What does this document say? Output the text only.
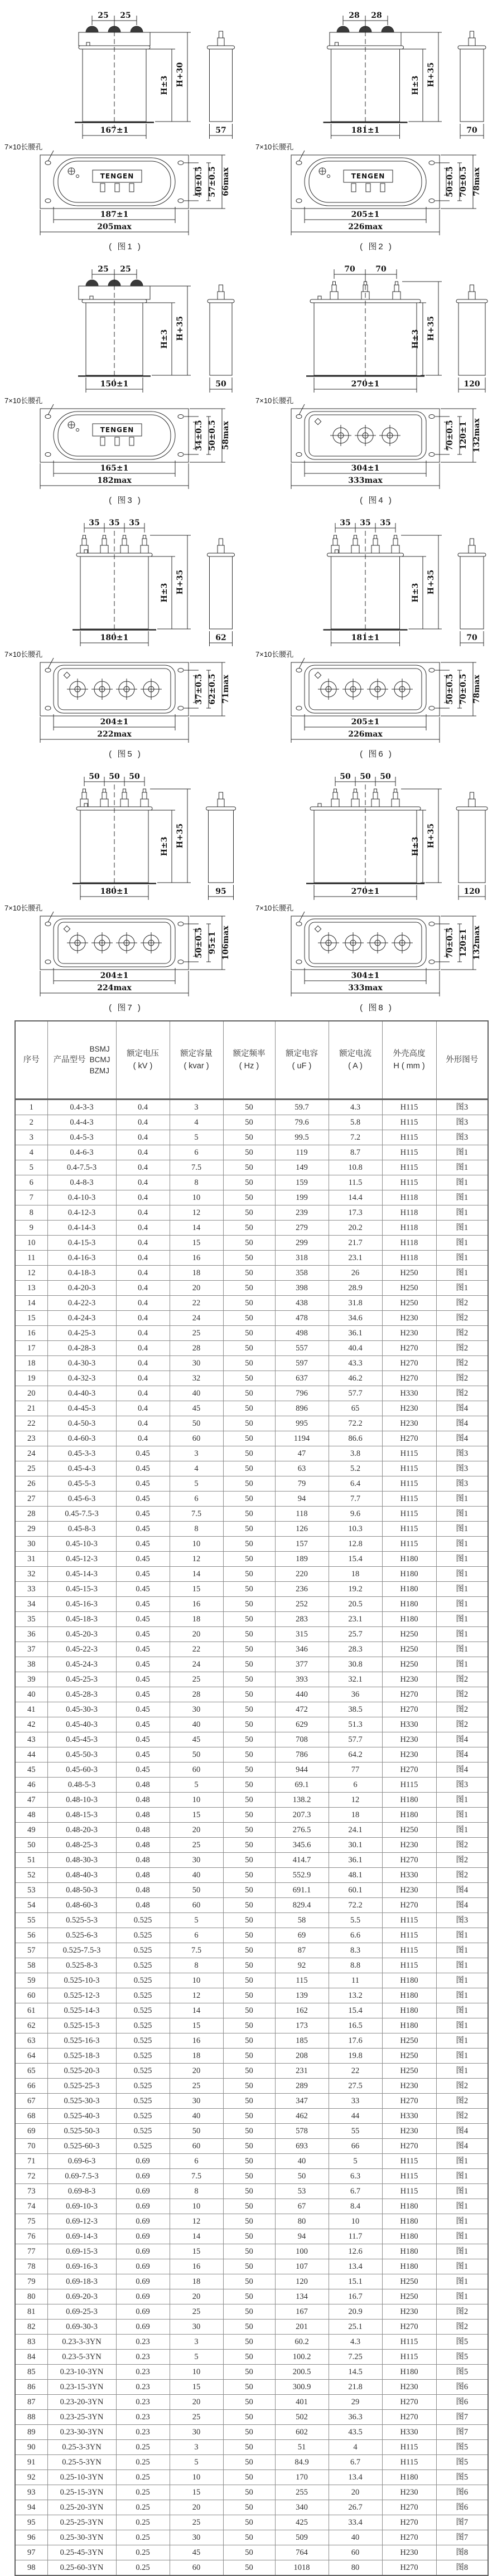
25 25
167±1
H±3 H+30
57
7×10长腰孔
TENGEN
187±1
205max
40±0.5 57±0.5 66max
( 图1 )
28 28
181±1
H±3 H+35
70
7×10长腰孔
TENGEN
205±1
226max
50±0.5 70±0.5 78max
( 图2 )
25 25
150±1
H±3 H+35
50
7×10长腰孔
TENGEN
165±1
182max
34±0.5 50±0.5 58max
( 图3 )
70	70
270±1
H±3 H+35
120
7×10长腰孔
304±1
333max
70±0.5 120±1 132max
( 图4 )
35 35 35
180±1
H±3 H+35
62
7×10长腰孔
204±1
222max
37±0.5 62±0.5 71max
( 图5 )
35 35 35
181±1
H±3 H+35
70
7×10长腰孔
205±1
226max
50±0.5 70±0.5 78max
( 图6 )
50 50 50
180±1
H±3 H+35
95
7×10长腰孔
204±1
224max
50±0.5 95±1 106max
( 图7 )
50 50 50
270±1
H±3 H+35
120
7×10长腰孔
304±1
333max
70±0.5 120±1 132max
( 图8 )
序号	产品型号
BSMJ
BCMJ
BZMJ

额定电压
( kV )

额定容量
( kvar )

额定频率
( Hz )

额定电容
( uF )

额定电流
( A )

外壳高度
H ( mm )

外形图号

1	0.4-3-3	0.4	3	50	59.7	4.3	H115	图3
2	0.4-4-3	0.4	4	50	79.6	5.8	H115	图3
3	0.4-5-3	0.4	5	50	99.5	7.2	H115	图3
4	0.4-6-3	0.4	6	50	119	8.7	H115	图1
5	0.4-7.5-3	0.4	7.5	50	149	10.8	H115	图1
6	0.4-8-3	0.4	8	50	159	11.5	H115	图1
7	0.4-10-3	0.4	10	50	199	14.4	H118	图1
8	0.4-12-3	0.4	12	50	239	17.3	H118	图1
9	0.4-14-3	0.4	14	50	279	20.2	H118	图1
10	0.4-15-3	0.4	15	50	299	21.7	H118	图1
11	0.4-16-3	0.4	16	50	318	23.1	H118	图1
12	0.4-18-3	0.4	18	50	358	26	H250	图1
13	0.4-20-3	0.4	20	50	398	28.9	H250	图1
14	0.4-22-3	0.4	22	50	438	31.8	H250	图2
15	0.4-24-3	0.4	24	50	478	34.6	H230	图2
16	0.4-25-3	0.4	25	50	498	36.1	H230	图2
17	0.4-28-3	0.4	28	50	557	40.4	H270	图2
18	0.4-30-3	0.4	30	50	597	43.3	H270	图2
19	0.4-32-3	0.4	32	50	637	46.2	H270	图2
20	0.4-40-3	0.4	40	50	796	57.7	H330	图2
21	0.4-45-3	0.4	45	50	896	65	H230	图4
22	0.4-50-3	0.4	50	50	995	72.2	H230	图4
23	0.4-60-3	0.4	60	50	1194	86.6	H270	图4
24	0.45-3-3	0.45	3	50	47	3.8	H115	图3
25	0.45-4-3	0.45	4	50	63	5.2	H115	图3
26	0.45-5-3	0.45	5	50	79	6.4	H115	图3
27	0.45-6-3	0.45	6	50	94	7.7	H115	图1
28	0.45-7.5-3	0.45	7.5	50	118	9.6	H115	图1
29	0.45-8-3	0.45	8	50	126	10.3	H115	图1
30	0.45-10-3	0.45	10	50	157	12.8	H115	图1
31	0.45-12-3	0.45	12	50	189	15.4	H180	图1
32	0.45-14-3	0.45	14	50	220	18	H180	图1
33	0.45-15-3	0.45	15	50	236	19.2	H180	图1
34	0.45-16-3	0.45	16	50	252	20.5	H180	图1
35	0.45-18-3	0.45	18	50	283	23.1	H180	图1
36	0.45-20-3	0.45	20	50	315	25.7	H250	图1
37	0.45-22-3	0.45	22	50	346	28.3	H250	图1
38	0.45-24-3	0.45	24	50	377	30.8	H250	图1
39	0.45-25-3	0.45	25	50	393	32.1	H230	图2
40	0.45-28-3	0.45	28	50	440	36	H270	图2
41	0.45-30-3	0.45	30	50	472	38.5	H270	图2
42	0.45-40-3	0.45	40	50	629	51.3	H330	图2
43	0.45-45-3	0.45	45	50	708	57.7	H230	图4
44	0.45-50-3	0.45	50	50	786	64.2	H230	图4
45	0.45-60-3	0.45	60	50	944	77	H270	图4
46	0.48-5-3	0.48	5	50	69.1	6	H115	图3
47	0.48-10-3	0.48	10	50	138.2	12	H180	图1
48	0.48-15-3	0.48	15	50	207.3	18	H180	图1
49	0.48-20-3	0.48	20	50	276.5	24.1	H250	图1
50	0.48-25-3	0.48	25	50	345.6	30.1	H230	图2
51	0.48-30-3	0.48	30	50	414.7	36.1	H270	图2
52	0.48-40-3	0.48	40	50	552.9	48.1	H330	图2
53	0.48-50-3	0.48	50	50	691.1	60.1	H230	图4
54	0.48-60-3	0.48	60	50	829.4	72.2	H270	图4
55	0.525-5-3	0.525	5	50	58	5.5	H115	图3
56	0.525-6-3	0.525	6	50	69	6.6	H115	图1
57	0.525-7.5-3	0.525	7.5	50	87	8.3	H115	图1
58	0.525-8-3	0.525	8	50	92	8.8	H115	图1
59	0.525-10-3	0.525	10	50	115	11	H180	图1
60	0.525-12-3	0.525	12	50	139	13.2	H180	图1
61	0.525-14-3	0.525	14	50	162	15.4	H180	图1
62	0.525-15-3	0.525	15	50	173	16.5	H180	图1
63	0.525-16-3	0.525	16	50	185	17.6	H250	图1
64	0.525-18-3	0.525	18	50	208	19.8	H250	图1
65	0.525-20-3	0.525	20	50	231	22	H250	图1
66	0.525-25-3	0.525	25	50	289	27.5	H230	图2
67	0.525-30-3	0.525	30	50	347	33	H270	图2
68	0.525-40-3	0.525	40	50	462	44	H330	图2
69	0.525-50-3	0.525	50	50	578	55	H230	图4
70	0.525-60-3	0.525	60	50	693	66	H270	图4
71	0.69-6-3	0.69	6	50	40	5	H115	图1
72	0.69-7.5-3	0.69	7.5	50	50	6.3	H115	图1
73	0.69-8-3	0.69	8	50	53	6.7	H115	图1
74	0.69-10-3	0.69	10	50	67	8.4	H180	图1
75	0.69-12-3	0.69	12	50	80	10	H180	图1
76	0.69-14-3	0.69	14	50	94	11.7	H180	图1
77	0.69-15-3	0.69	15	50	100	12.6	H180	图1
78	0.69-16-3	0.69	16	50	107	13.4	H180	图1
79	0.69-18-3	0.69	18	50	120	15.1	H250	图1
80	0.69-20-3	0.69	20	50	134	16.7	H250	图1
81	0.69-25-3	0.69	25	50	167	20.9	H230	图2
82	0.69-30-3	0.69	30	50	201	25.1	H270	图2
83	0.23-3-3YN	0.23	3	50	60.2	4.3	H115	图5
84	0.23-5-3YN	0.23	5	50	100.2	7.25	H115	图5
85	0.23-10-3YN	0.23	10	50	200.5	14.5	H180	图5
86	0.23-15-3YN	0.23	15	50	300.9	21.8	H230	图6
87	0.23-20-3YN	0.23	20	50	401	29	H270	图6
88	0.23-25-3YN	0.23	25	50	502	36.3	H270	图7
89	0.23-30-3YN	0.23	30	50	602	43.5	H330	图7
90	0.25-3-3YN	0.25	3	50	51	4	H115	图5
91	0.25-5-3YN	0.25	5	50	84.9	6.7	H115	图5
92	0.25-10-3YN	0.25	10	50	170	13.4	H180	图5
93	0.25-15-3YN	0.25	15	50	255	20	H230	图6
94	0.25-20-3YN	0.25	20	50	340	26.7	H270	图6
95	0.25-25-3YN	0.25	25	50	425	33.4	H270	图7
96	0.25-30-3YN	0.25	30	50	509	40	H270	图7
97	0.25-45-3YN	0.25	45	50	764	60	H230	图8
98	0.25-60-3YN	0.25	60	50	1018	80	H270	图8
